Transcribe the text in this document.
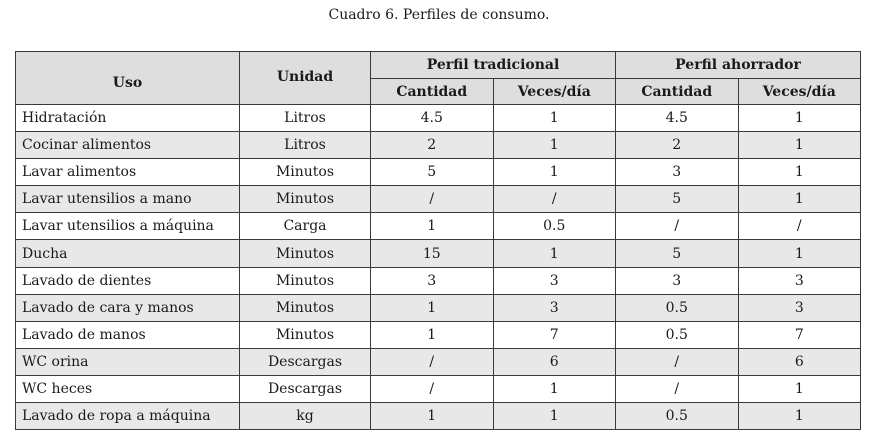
Cuadro 6. Perfiles de consumo.
Uso	Unidad	Perfil tradicional		Perfil ahorrador	
		Cantidad	Veces/día	Cantidad	Veces/día
Hidratación	Litros	4.5	1	4.5	1
Cocinar alimentos	Litros	2	1	2	1
Lavar alimentos	Minutos	5	1	3	1
Lavar utensilios a mano	Minutos	/	/	5	1
Lavar utensilios a máquina	Carga	1	0.5	/	/
Ducha	Minutos	15	1	5	1
Lavado de dientes	Minutos	3	3	3	3
Lavado de cara y manos	Minutos	1	3	0.5	3
Lavado de manos	Minutos	1	7	0.5	7
WC orina	Descargas	/	6	/	6
WC heces	Descargas	/	1	/	1
Lavado de ropa a máquina	kg	1	1	0.5	1
